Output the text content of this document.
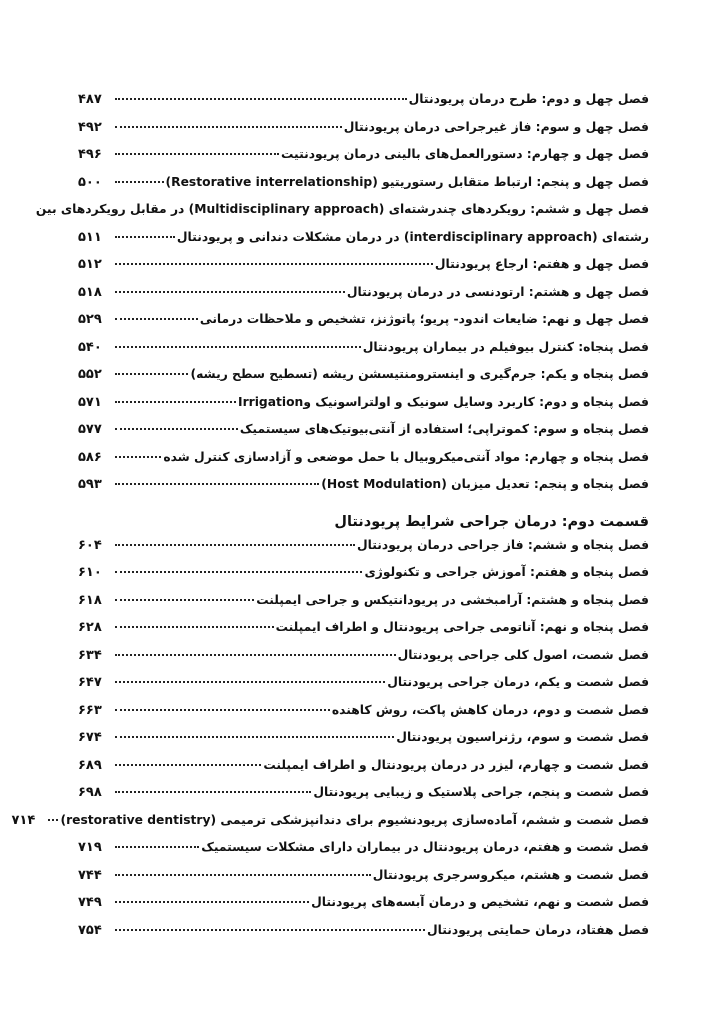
فصل چهل و دوم: طرح درمان پریودنتال
۴۸۷
فصل چهل و سوم: فاز غیرجراحی درمان پریودنتال
۴۹۲
فصل چهل و چهارم: دستورالعمل‌های بالینی درمان پریودنتیت
۴۹۶
فصل چهل و پنجم: ارتباط متقابل رستوریتیو (Restorative interrelationship)
۵۰۰
فصل چهل و ششم: رویکردهای چندرشته‌ای (Multidisciplinary approach) در مقابل رویکردهای بین
رشته‌ای (interdisciplinary approach) در درمان مشکلات دندانی و پریودنتال
۵۱۱
فصل چهل و هفتم: ارجاع پریودنتال
۵۱۲
فصل چهل و هشتم: ارتودنسی در درمان پریودنتال
۵۱۸
فصل چهل و نهم: ضایعات اندود- پریو؛ پاتوژنز، تشخیص و ملاحظات درمانی
۵۲۹
فصل پنجاه: کنترل بیوفیلم در بیماران پریودنتال
۵۴۰
فصل پنجاه و یکم: جرم‌گیری و اینسترومنتیسشن ریشه (تسطیح سطح ریشه)
۵۵۲
فصل پنجاه و دوم: کاربرد وسایل سونیک و اولتراسونیک وIrrigation
۵۷۱
فصل پنجاه و سوم: کموتراپی؛ استفاده از آنتی‌بیوتیک‌های سیستمیک
۵۷۷
فصل پنجاه و چهارم: مواد آنتی‌میکروبیال با حمل موضعی و آزادسازی کنترل شده
۵۸۶
فصل پنجاه و پنجم: تعدیل میزبان (Host Modulation)
۵۹۳
قسمت دوم: درمان جراحی شرایط پریودنتال
فصل پنجاه و ششم: فاز جراحی درمان پریودنتال
۶۰۴
فصل پنجاه و هفتم: آموزش جراحی و تکنولوژی
۶۱۰
فصل پنجاه و هشتم: آرامبخشی در پریودانتیکس و جراحی ایمپلنت
۶۱۸
فصل پنجاه و نهم: آناتومی جراحی پریودنتال و اطراف ایمپلنت
۶۲۸
فصل شصت، اصول کلی جراحی پریودنتال
۶۳۴
فصل شصت و یکم، درمان جراحی پریودنتال
۶۴۷
فصل شصت و دوم، درمان کاهش پاکت، روش کاهنده
۶۶۳
فصل شصت و سوم، رژنراسیون پریودنتال
۶۷۴
فصل شصت و چهارم، لیزر در درمان پریودنتال و اطراف ایمپلنت
۶۸۹
فصل شصت و پنجم، جراحی پلاستیک و زیبایی پریودنتال
۶۹۸
فصل شصت و ششم، آماده‌سازی پریودنشیوم برای دندانپزشکی ترمیمی (restorative dentistry)
۷۱۴
فصل شصت و هفتم، درمان پریودنتال در بیماران دارای مشکلات سیستمیک
۷۱۹
فصل شصت و هشتم، میکروسرجری پریودنتال
۷۴۴
فصل شصت و نهم، تشخیص و درمان آبسه‌های پریودنتال
۷۴۹
فصل هفتاد، درمان حمایتی پریودنتال
۷۵۴
